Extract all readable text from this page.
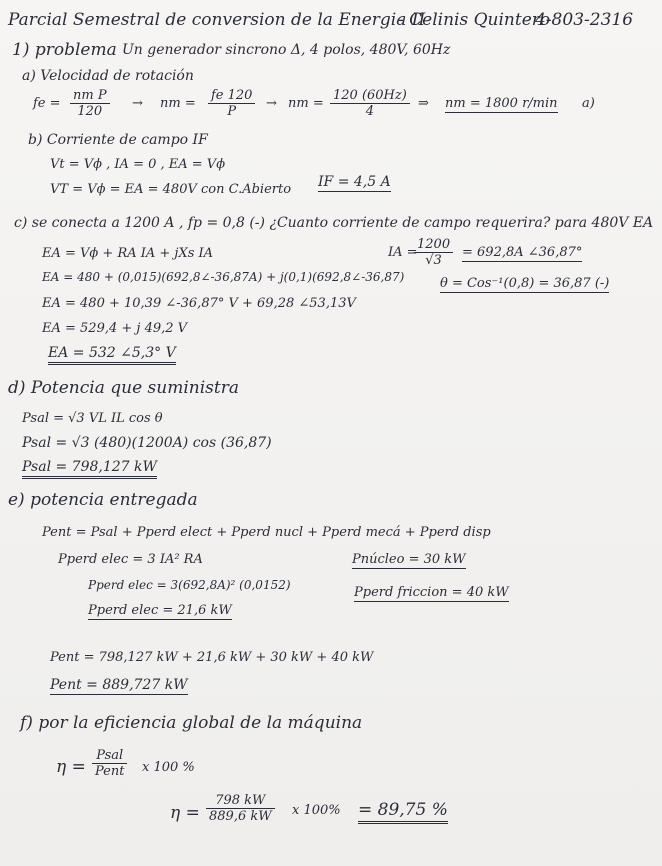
Parcial Semestral de conversion de la Energia II
- Celinis Quintero
4-803-2316
1) problema Un generador sincrono Δ, 4 polos, 480V, 60Hz
a) Velocidad de rotación
fe = $\frac{\text{nm P}}{120}$ → nm = $\frac{fe 120}{P}$ → nm = $\frac{120 (60Hz)}{4}$ ⇒ nm = 1800 r/min a)
b) Corriente de campo IF
Vt = Vϕ , IA = 0 , EA = Vϕ
VT = Vϕ = EA = 480V con C.Abierto IF = 4,5 A
c) se conecta a 1200 A , fp = 0,8 (-) ¿Cuanto corriente de campo requerira? para 480V EA
IA =
$\frac{1200}{√3} = 692,8A$ ∠36,87°
θ = Cos⁻¹(0,8) = 36,87 (-)
EA = Vϕ + RA IA + jXs IA
EA = 480 + (0,015)(692,8∠-36,87A) + j(0,1)(692,8∠-36,87)
EA = 480 + 10,39 ∠-36,87° V + 69,28 ∠53,13V
EA = 529,4 + j 49,2 V
EA = 532 ∠5,3° V
d) Potencia que suministra
Psal = √3 VL IL cos θ
Psal = √3 (480)(1200A) cos (36,87)
Psal = 798,127 kW
e) potencia entregada
Pent = Psal + Pperd elect + Pperd nucl + Pperd mecá + Pperd disp
Pperd elec = 3 IA² RA	Pnúcleo = 30 kW
Pperd elec = 3(692,8A)² (0,0152)	Pperd friccion = 40 kW
Pperd elec = 21,6 kW
Pent = 798,127 kW + 21,6 kW + 30 kW + 40 kW
Pent = 889,727 kW
f) por la eficiencia global de la máquina
η =
Psal
Pent x 100 %
$\eta = \frac{798 kW}{889,6 kW}$ x 100% = 89,75 %
